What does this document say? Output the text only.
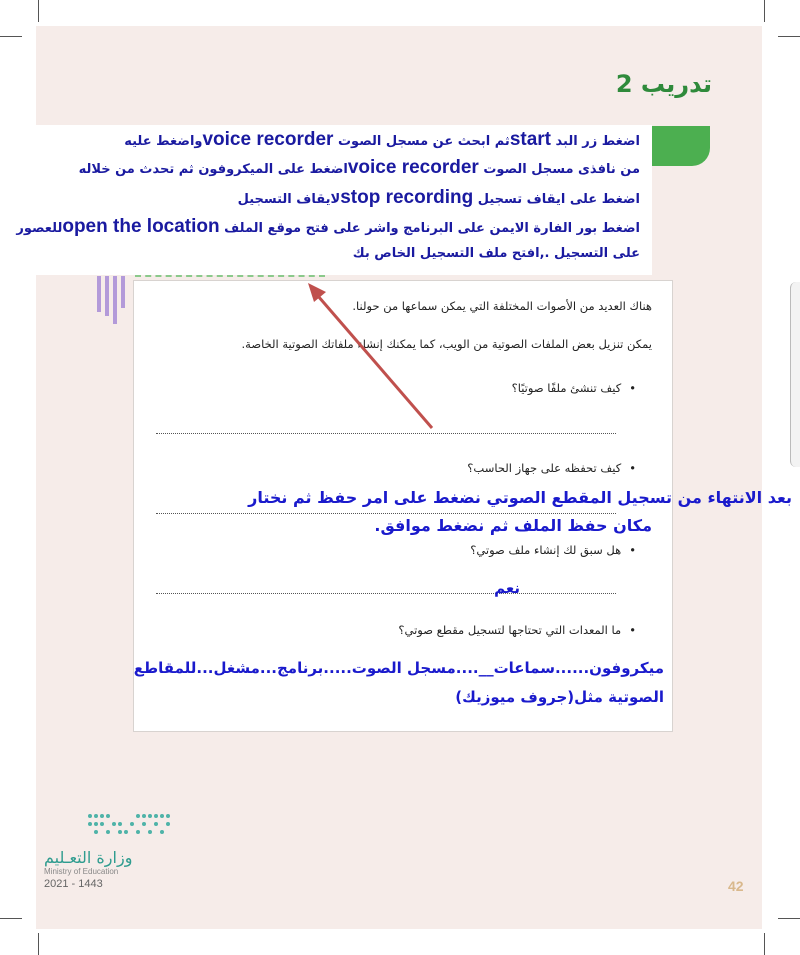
تدريب 2
اضغط زر البد startثم ابحث عن مسجل الصوت voice recorderواضغط عليه
من نافذى مسجل الصوت voice recorderاضغط على الميكروفون ثم تحدث من خلاله
اضغط على ايقاف تسجيل stop recordingلايقاف التسجيل
اضغط بور الفارة الايمن على البرنامج واشر على فتح موقع الملف open the locationللعصور
على التسجيل .,افتح ملف التسجيل الخاص بك
هناك العديد من الأصوات المختلفة التي يمكن سماعها من حولنا.
يمكن تنزيل بعض الملفات الصوتية من الويب، كما يمكنك إنشاء ملفاتك الصوتية الخاصة.
• كيف تنشئ ملفًا صوتيًا؟
• كيف تحفظه على جهاز الحاسب؟
• هل سبق لك إنشاء ملف صوتي؟
• ما المعدات التي تحتاجها لتسجيل مقطع صوتي؟
بعد الانتهاء من تسجيل المقطع الصوتي نضغط على امر حفظ ثم نختار
مكان حفظ الملف ثم نضغط موافق.
نعم
ميكروفون......سماعات__....مسجل الصوت.....برنامج...مشغل...للمقاطع
الصوتية مثل(جروف ميوزيك)
وزارة التعـليم
Ministry of Education
2021 - 1443	42
